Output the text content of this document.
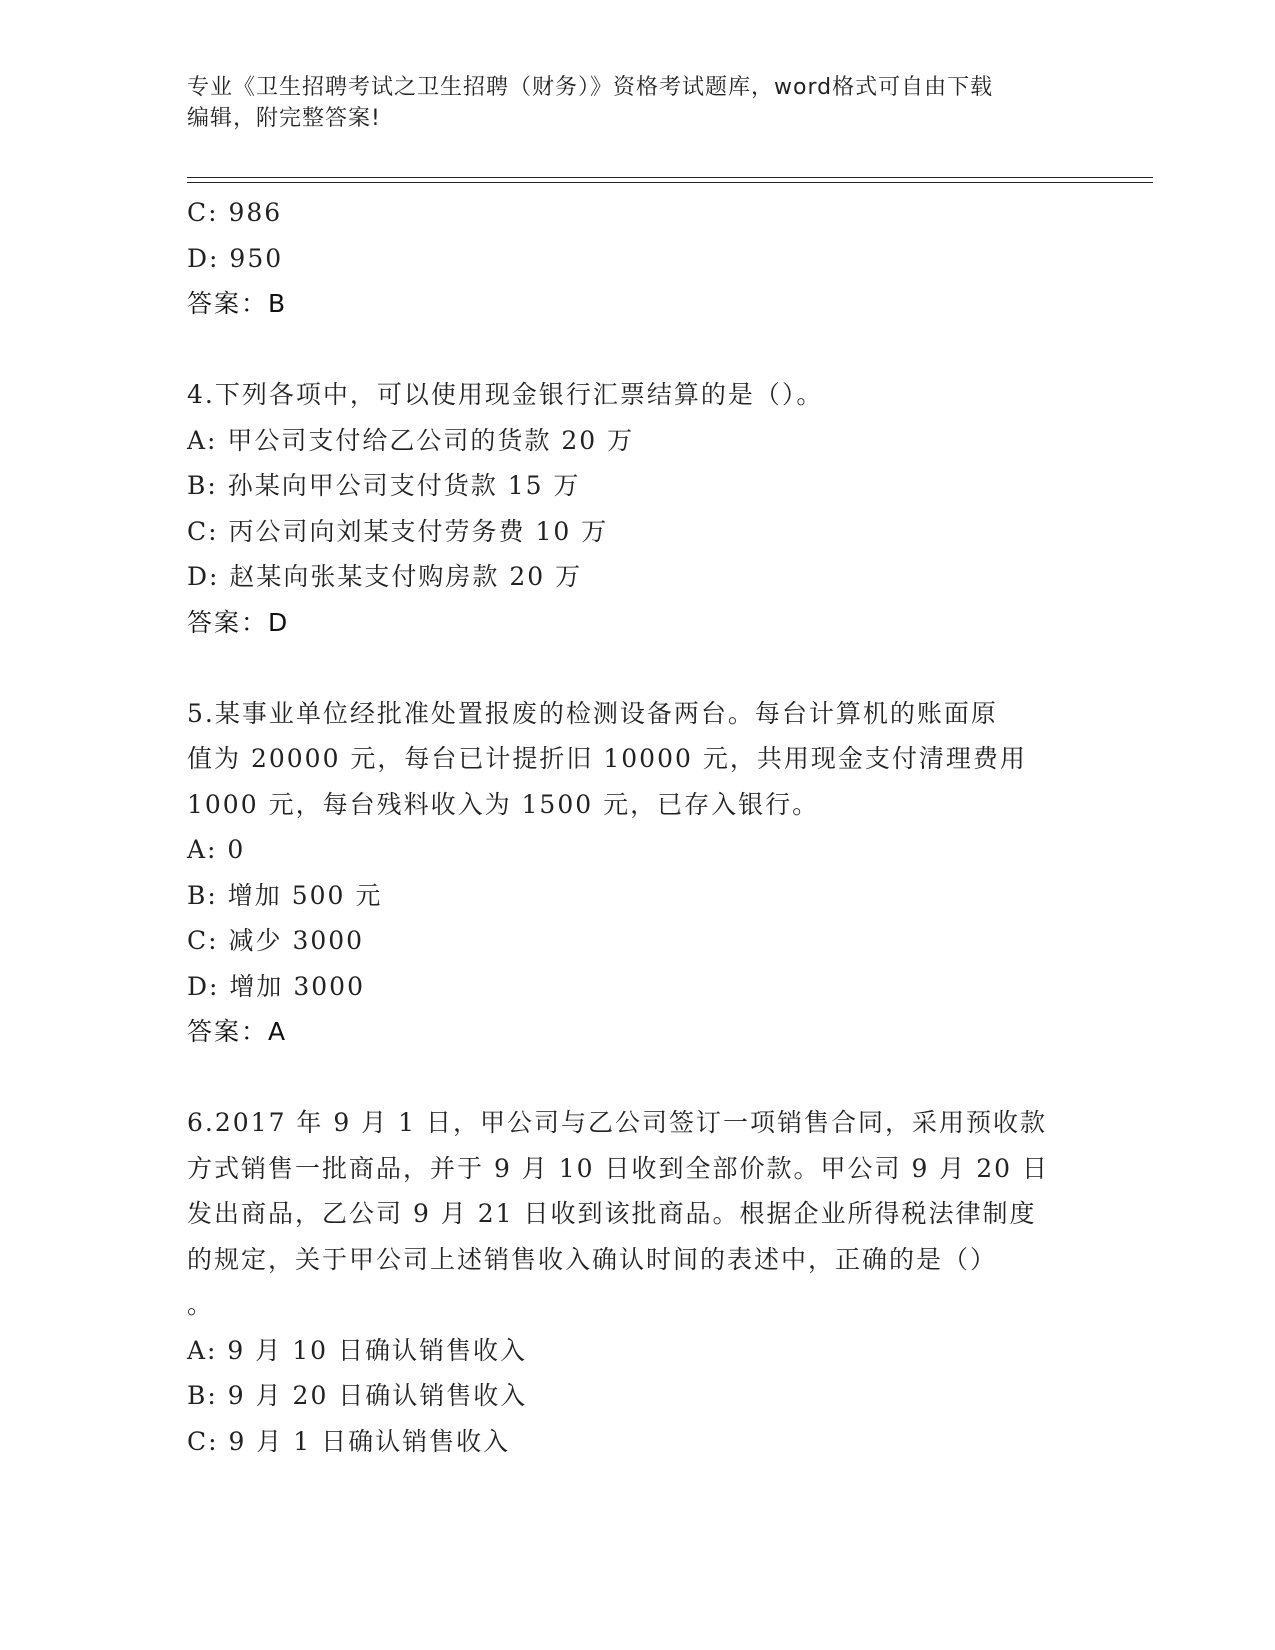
专业《卫生招聘考试之卫生招聘（财务）》资格考试题库，word格式可自由下载
编辑，附完整答案!
C: 986
D: 950
答案：B
4.下列各项中，可以使用现金银行汇票结算的是（）。
A: 甲公司支付给乙公司的货款 20 万
B: 孙某向甲公司支付货款 15 万
C: 丙公司向刘某支付劳务费 10 万
D: 赵某向张某支付购房款 20 万
答案：D
5.某事业单位经批准处置报废的检测设备两台。每台计算机的账面原
值为 20000 元，每台已计提折旧 10000 元，共用现金支付清理费用
1000 元，每台残料收入为 1500 元，已存入银行。
A: 0
B: 增加 500 元
C: 减少 3000
D: 增加 3000
答案：A
6.2017 年 9 月 1 日，甲公司与乙公司签订一项销售合同，采用预收款
方式销售一批商品，并于 9 月 10 日收到全部价款。甲公司 9 月 20 日
发出商品，乙公司 9 月 21 日收到该批商品。根据企业所得税法律制度
的规定，关于甲公司上述销售收入确认时间的表述中，正确的是（）
。
A: 9 月 10 日确认销售收入
B: 9 月 20 日确认销售收入
C: 9 月 1 日确认销售收入
